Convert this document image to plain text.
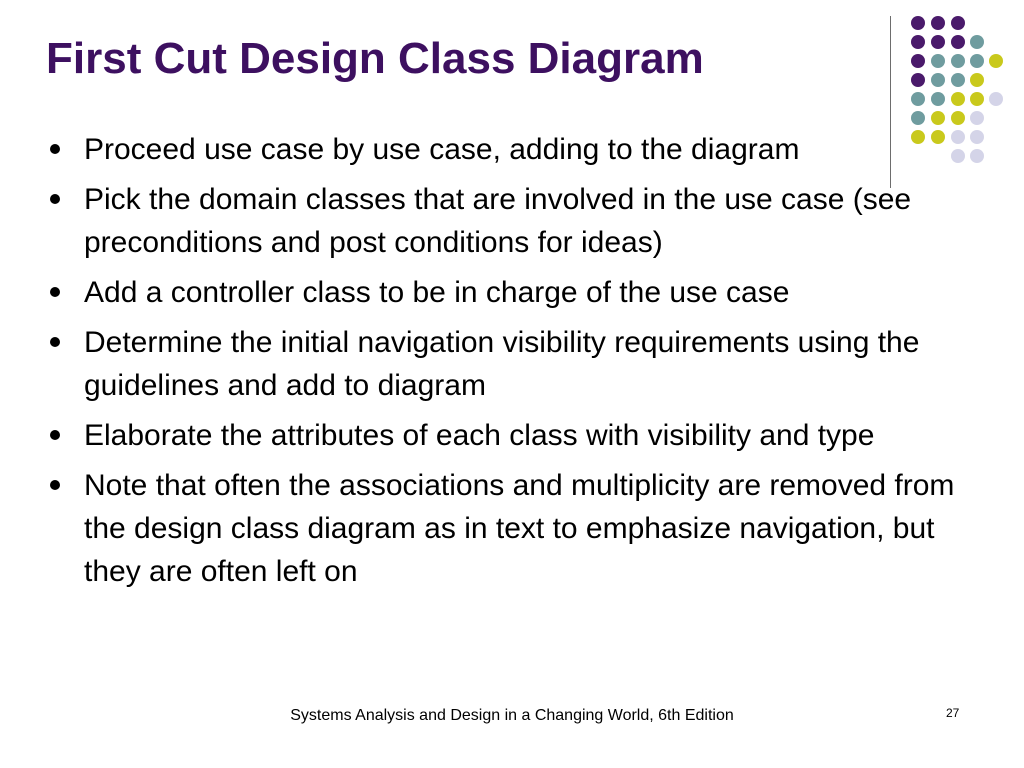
First Cut Design Class Diagram
Proceed use case by use case, adding to the diagram
Pick the domain classes that are involved in the use case (see preconditions and post conditions for ideas)
Add a controller class to be in charge of the use case
Determine the initial navigation visibility requirements using the guidelines and add to diagram
Elaborate the attributes of each class with visibility and type
Note that often the associations and multiplicity are removed from the design class diagram as in text to emphasize navigation, but they are often left on
Systems Analysis and Design in a Changing World, 6th Edition	27
